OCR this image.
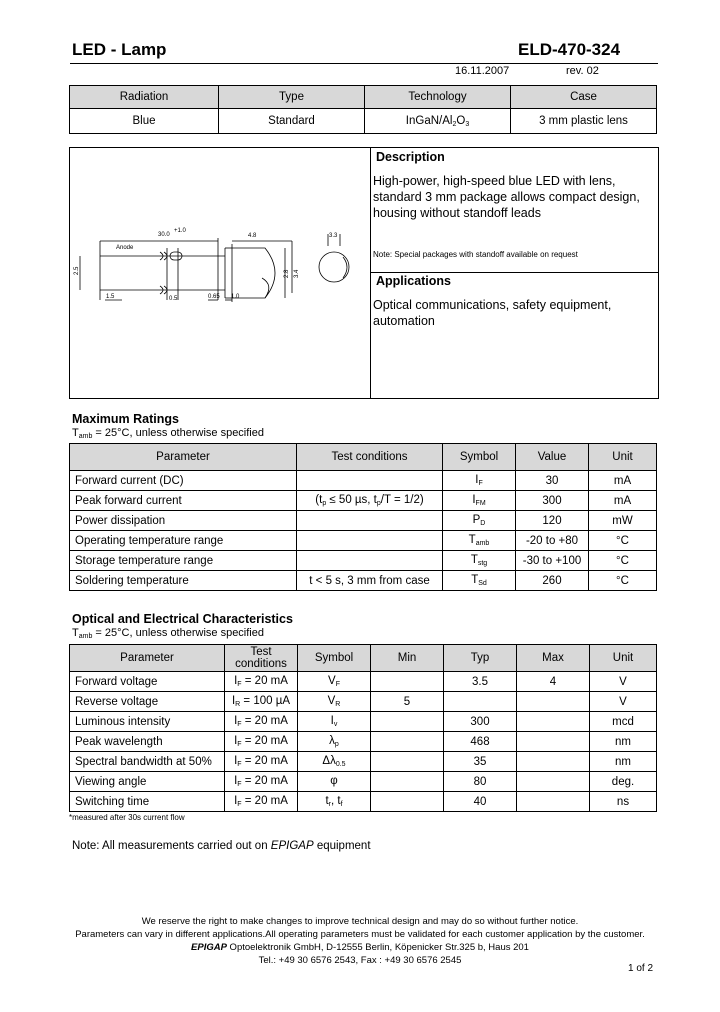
LED - Lamp	ELD-470-324
16.11.2007	rev. 02
Radiation	Type	Technology	Case
Blue	Standard	InGaN/$Al_2O_3$	3 mm plastic lens
Anode
30.0
+1.0
4.8	3.3
2.5
1.5	0.5	0.65 1.0
2.8 3.4
Description
High-power, high-speed blue LED with lens, standard 3 mm package allows compact design, housing without standoff leads
Note: Special packages with standoff available on request
Applications
Optical communications, safety equipment, automation
Maximum Ratings
$T_{amb} = 25^\circ C$, unless otherwise specified
Parameter	Test conditions	Symbol	Value	Unit
Forward current (DC)		$I_F$	30	mA
Peak forward current	($t_p \le 50$ µs, $t_p/T = 1/2$)	$I_{FM}$	300	mA
Power dissipation		$P_D$	120	mW
Operating temperature range		$T_{amb}$	-20 to +80	°C
Storage temperature range		$T_{stg}$	-30 to +100	°C
Soldering temperature	t < 5 s, 3 mm from case	$T_{Sd}$	260	°C
Optical and Electrical Characteristics
$T_{amb} = 25^\circ C$, unless otherwise specified
Parameter	Test conditions	Symbol	Min	Typ	Max	Unit
Forward voltage	$I_F = 20$ mA	$V_F$		3.5	4	V
Reverse voltage	$I_R = 100$ µA	$V_R$	5			V
Luminous intensity	$I_F = 20$ mA	$I_v$		300		mcd
Peak wavelength	$I_F = 20$ mA	$\lambda_p$		468		nm
Spectral bandwidth at 50%	$I_F = 20$ mA	$\Delta\lambda_{0.5}$		35		nm
Viewing angle	$I_F = 20$ mA	φ		80		deg.
Switching time	$I_F = 20$ mA	$t_r$, $t_f$		40		ns
*measured after 30s current flow
Note: All measurements carried out on EPIGAP equipment
We reserve the right to make changes to improve technical design and may do so without further notice.
Parameters can vary in different applications.All operating parameters must be validated for each customer application by the customer.
EPIGAP Optoelektronik GmbH, D-12555 Berlin, Köpenicker Str.325 b, Haus 201
Tel.: +49 30 6576 2543, Fax : +49 30 6576 2545
1 of 2
